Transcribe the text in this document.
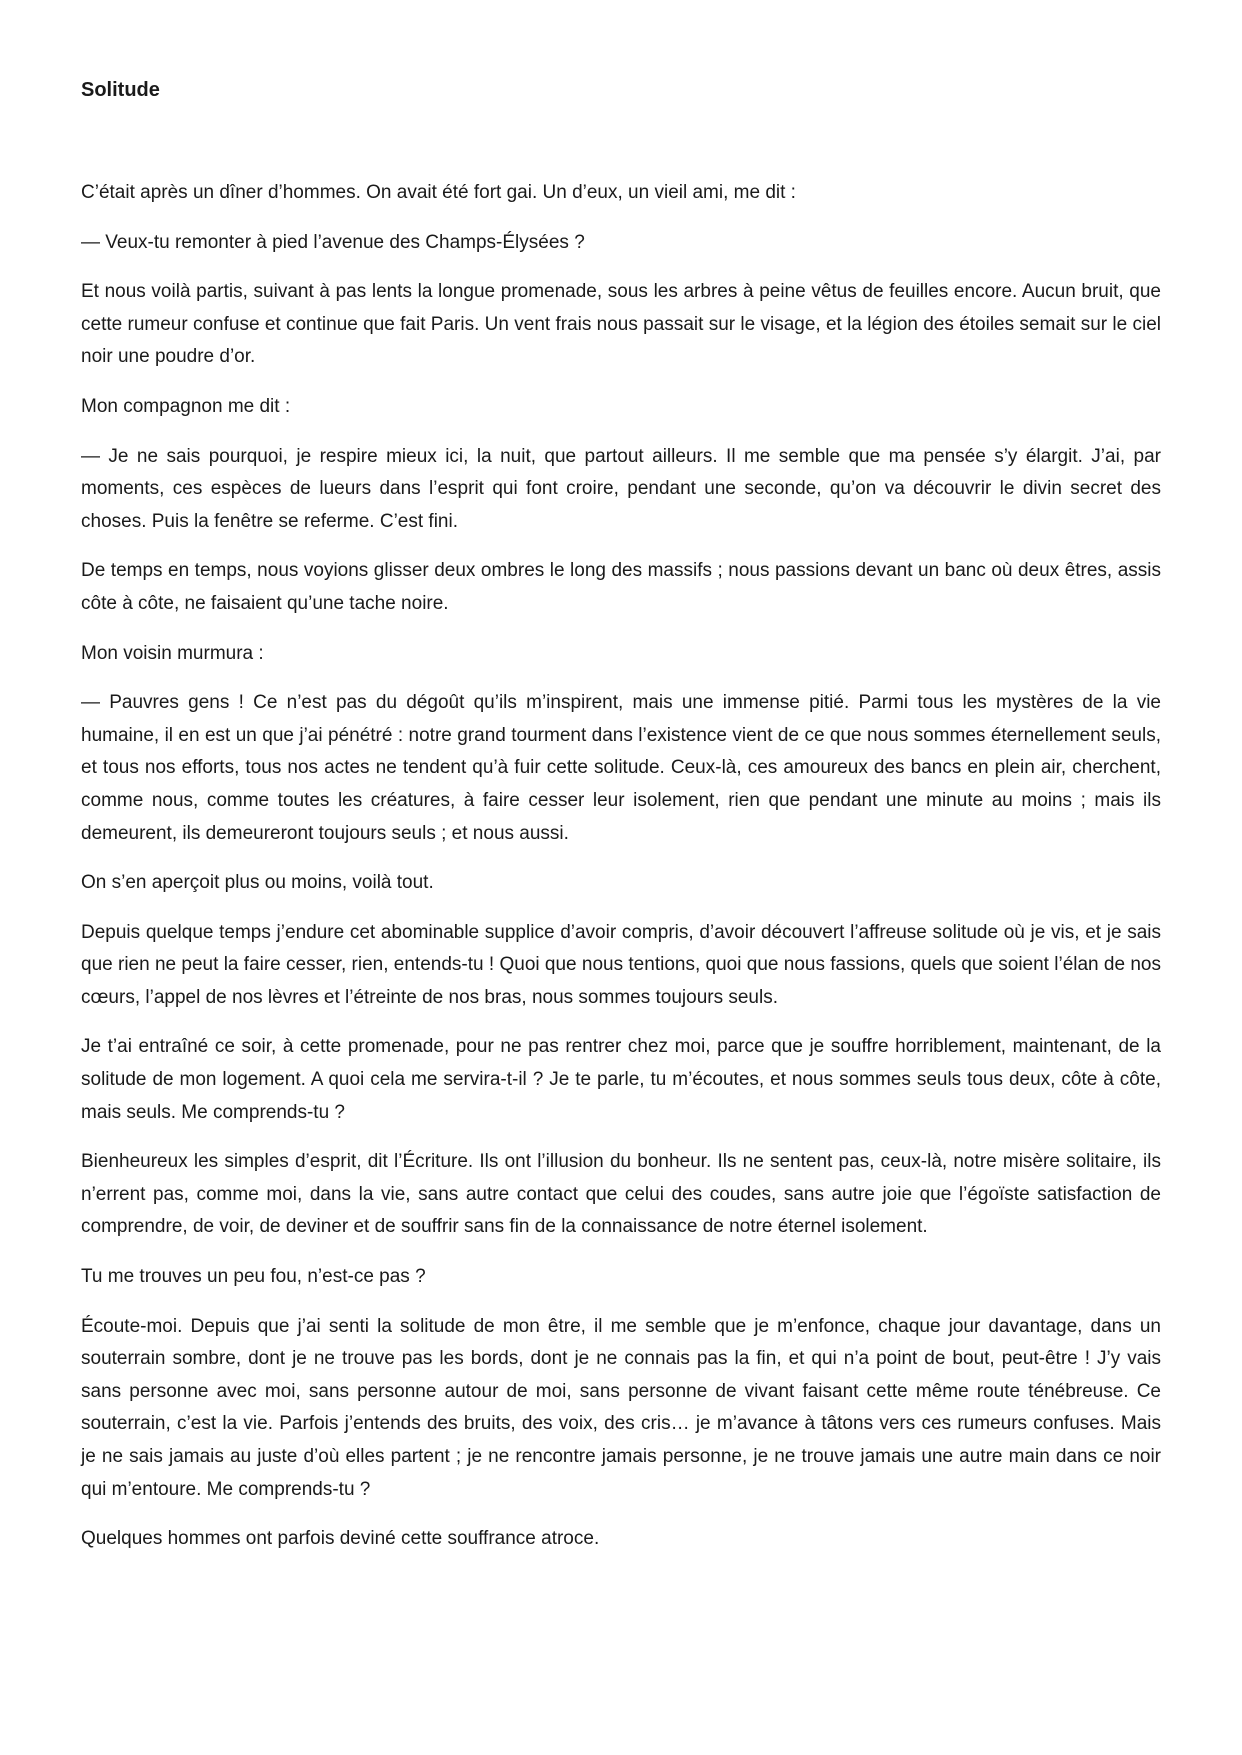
Solitude

C’était après un dîner d’hommes. On avait été fort gai. Un d’eux, un vieil ami, me dit :

— Veux-tu remonter à pied l’avenue des Champs-Élysées ?

Et nous voilà partis, suivant à pas lents la longue promenade, sous les arbres à peine vêtus de feuilles encore. Aucun bruit, que cette rumeur confuse et continue que fait Paris. Un vent frais nous passait sur le visage, et la légion des étoiles semait sur le ciel noir une poudre d’or.

Mon compagnon me dit :

— Je ne sais pourquoi, je respire mieux ici, la nuit, que partout ailleurs. Il me semble que ma pensée s’y élargit. J’ai, par moments, ces espèces de lueurs dans l’esprit qui font croire, pendant une seconde, qu’on va découvrir le divin secret des choses. Puis la fenêtre se referme. C’est fini.

De temps en temps, nous voyions glisser deux ombres le long des massifs ; nous passions devant un banc où deux êtres, assis côte à côte, ne faisaient qu’une tache noire.

Mon voisin murmura :

— Pauvres gens ! Ce n’est pas du dégoût qu’ils m’inspirent, mais une immense pitié. Parmi tous les mystères de la vie humaine, il en est un que j’ai pénétré : notre grand tourment dans l’existence vient de ce que nous sommes éternellement seuls, et tous nos efforts, tous nos actes ne tendent qu’à fuir cette solitude. Ceux-là, ces amoureux des bancs en plein air, cherchent, comme nous, comme toutes les créatures, à faire cesser leur isolement, rien que pendant une minute au moins ; mais ils demeurent, ils demeureront toujours seuls ; et nous aussi.

On s’en aperçoit plus ou moins, voilà tout.

Depuis quelque temps j’endure cet abominable supplice d’avoir compris, d’avoir découvert l’affreuse solitude où je vis, et je sais que rien ne peut la faire cesser, rien, entends-tu ! Quoi que nous tentions, quoi que nous fassions, quels que soient l’élan de nos cœurs, l’appel de nos lèvres et l’étreinte de nos bras, nous sommes toujours seuls.

Je t’ai entraîné ce soir, à cette promenade, pour ne pas rentrer chez moi, parce que je souffre horriblement, maintenant, de la solitude de mon logement. A quoi cela me servira-t-il ? Je te parle, tu m’écoutes, et nous sommes seuls tous deux, côte à côte, mais seuls. Me comprends-tu ?

Bienheureux les simples d’esprit, dit l’Écriture. Ils ont l’illusion du bonheur. Ils ne sentent pas, ceux-là, notre misère solitaire, ils n’errent pas, comme moi, dans la vie, sans autre contact que celui des coudes, sans autre joie que l’égoïste satisfaction de comprendre, de voir, de deviner et de souffrir sans fin de la connaissance de notre éternel isolement.

Tu me trouves un peu fou, n’est-ce pas ?

Écoute-moi. Depuis que j’ai senti la solitude de mon être, il me semble que je m’enfonce, chaque jour davantage, dans un souterrain sombre, dont je ne trouve pas les bords, dont je ne connais pas la fin, et qui n’a point de bout, peut-être ! J’y vais sans personne avec moi, sans personne autour de moi, sans personne de vivant faisant cette même route ténébreuse. Ce souterrain, c’est la vie. Parfois j’entends des bruits, des voix, des cris… je m’avance à tâtons vers ces rumeurs confuses. Mais je ne sais jamais au juste d’où elles partent ; je ne rencontre jamais personne, je ne trouve jamais une autre main dans ce noir qui m’entoure. Me comprends-tu ?

Quelques hommes ont parfois deviné cette souffrance atroce.
